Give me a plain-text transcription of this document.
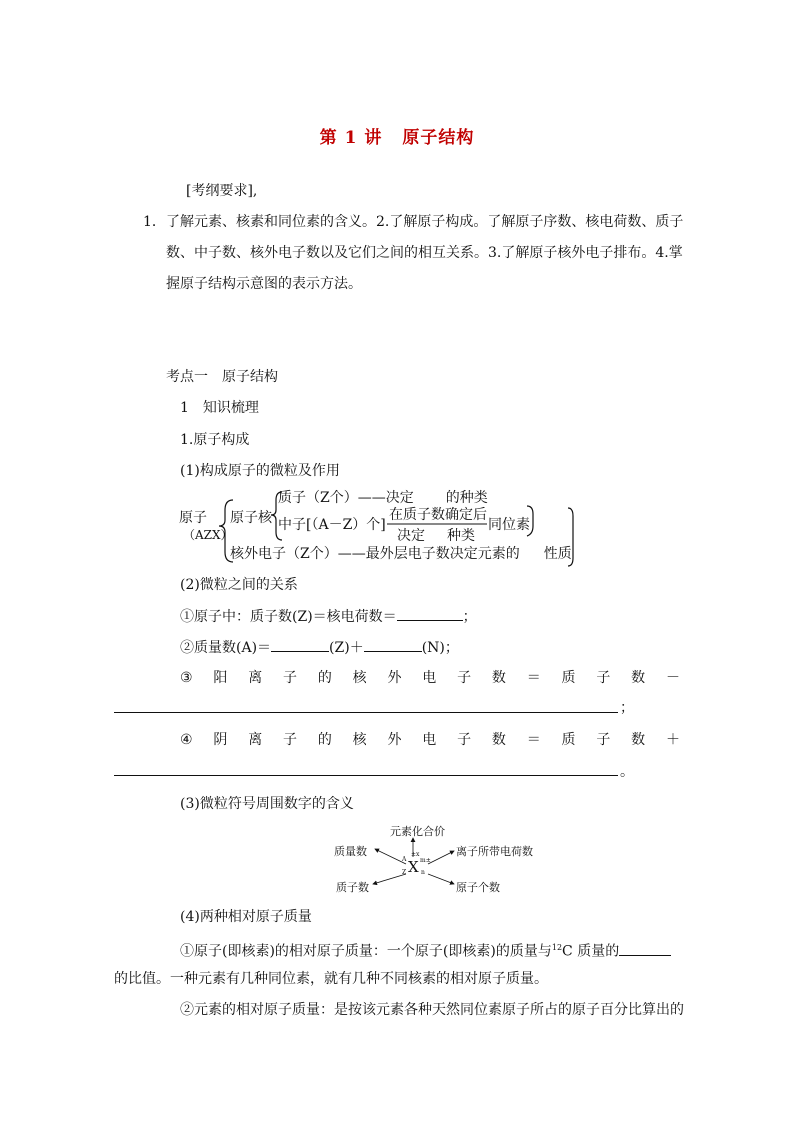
第 1 讲 原子结构
[考纲要求],
1． 了解元素、核素和同位素的含义。2.了解原子构成。了解原子序数、核电荷数、质子
数、中子数、核外电子数以及它们之间的相互关系。3.了解原子核外电子排布。4.掌
握原子结构示意图的表示方法。
考点一　原子结构
1　知识梳理
1.原子构成
(1)构成原子的微粒及作用
原子
（AZX）
原子核
质子（Z个）——决定 的种类
中子[（A－Z）个]
在质子数确定后
决定 种类
同位素
核外电子（Z个）——最外层电子数决定元素的 性质
(2)微粒之间的关系
①原子中：质子数(Z)＝核电荷数＝	；
②质量数(A)＝	(Z)＋	(N)；
③ 阳 离 子 的 核 外 电 子 数 ＝ 质 子 数 －
；
④ 阴 离 子 的 核 外 电 子 数 ＝ 质 子 数 ＋
。
(3)微粒符号周围数字的含义
元素化合价
质量数	离子所带电荷数
质子数	原子个数
X
A
Z
±x
m±
n
(4)两种相对原子质量
①原子(即核素)的相对原子质量：一个原子(即核素)的质量与$^{12}$C 质量的
的比值。一种元素有几种同位素，就有几种不同核素的相对原子质量。
②元素的相对原子质量：是按该元素各种天然同位素原子所占的原子百分比算出的
